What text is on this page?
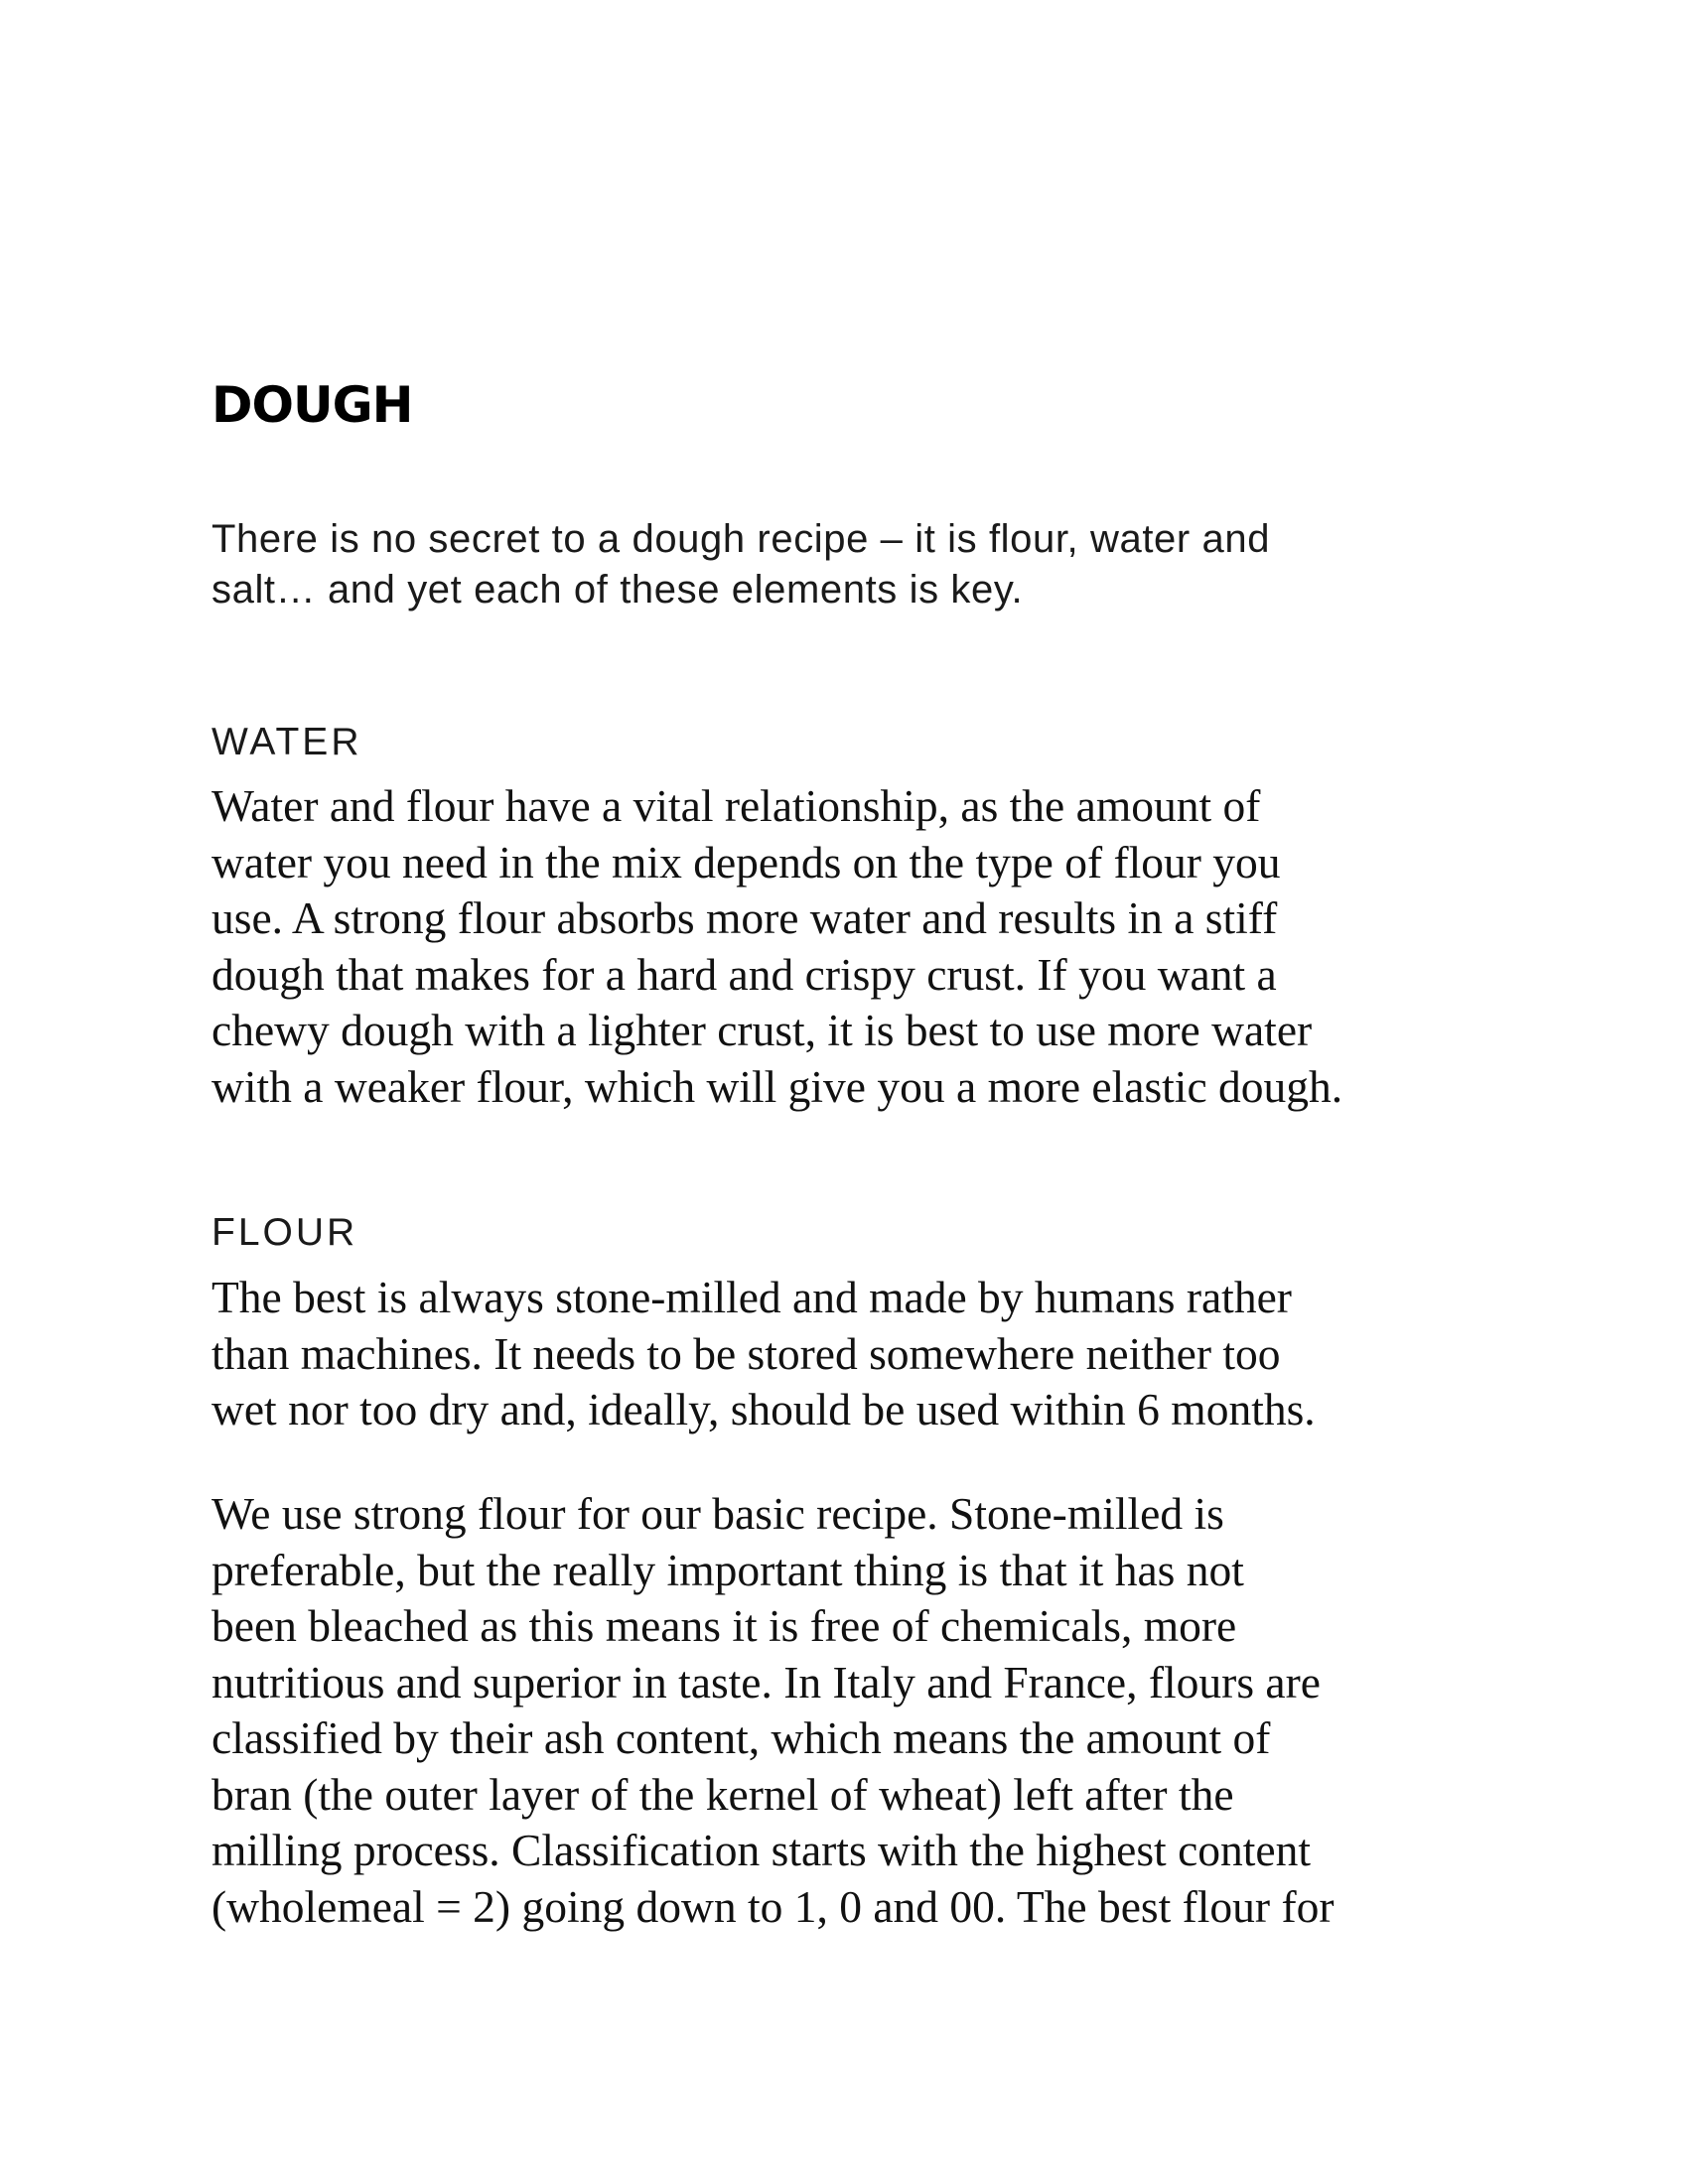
DOUGH

There is no secret to a dough recipe – it is flour, water and
salt… and yet each of these elements is key.

WATER

Water and flour have a vital relationship, as the amount of
water you need in the mix depends on the type of flour you
use. A strong flour absorbs more water and results in a stiff
dough that makes for a hard and crispy crust. If you want a
chewy dough with a lighter crust, it is best to use more water
with a weaker flour, which will give you a more elastic dough.

FLOUR

The best is always stone-milled and made by humans rather
than machines. It needs to be stored somewhere neither too
wet nor too dry and, ideally, should be used within 6 months.

We use strong flour for our basic recipe. Stone-milled is
preferable, but the really important thing is that it has not
been bleached as this means it is free of chemicals, more
nutritious and superior in taste. In Italy and France, flours are
classified by their ash content, which means the amount of
bran (the outer layer of the kernel of wheat) left after the
milling process. Classification starts with the highest content
(wholemeal = 2) going down to 1, 0 and 00. The best flour for
